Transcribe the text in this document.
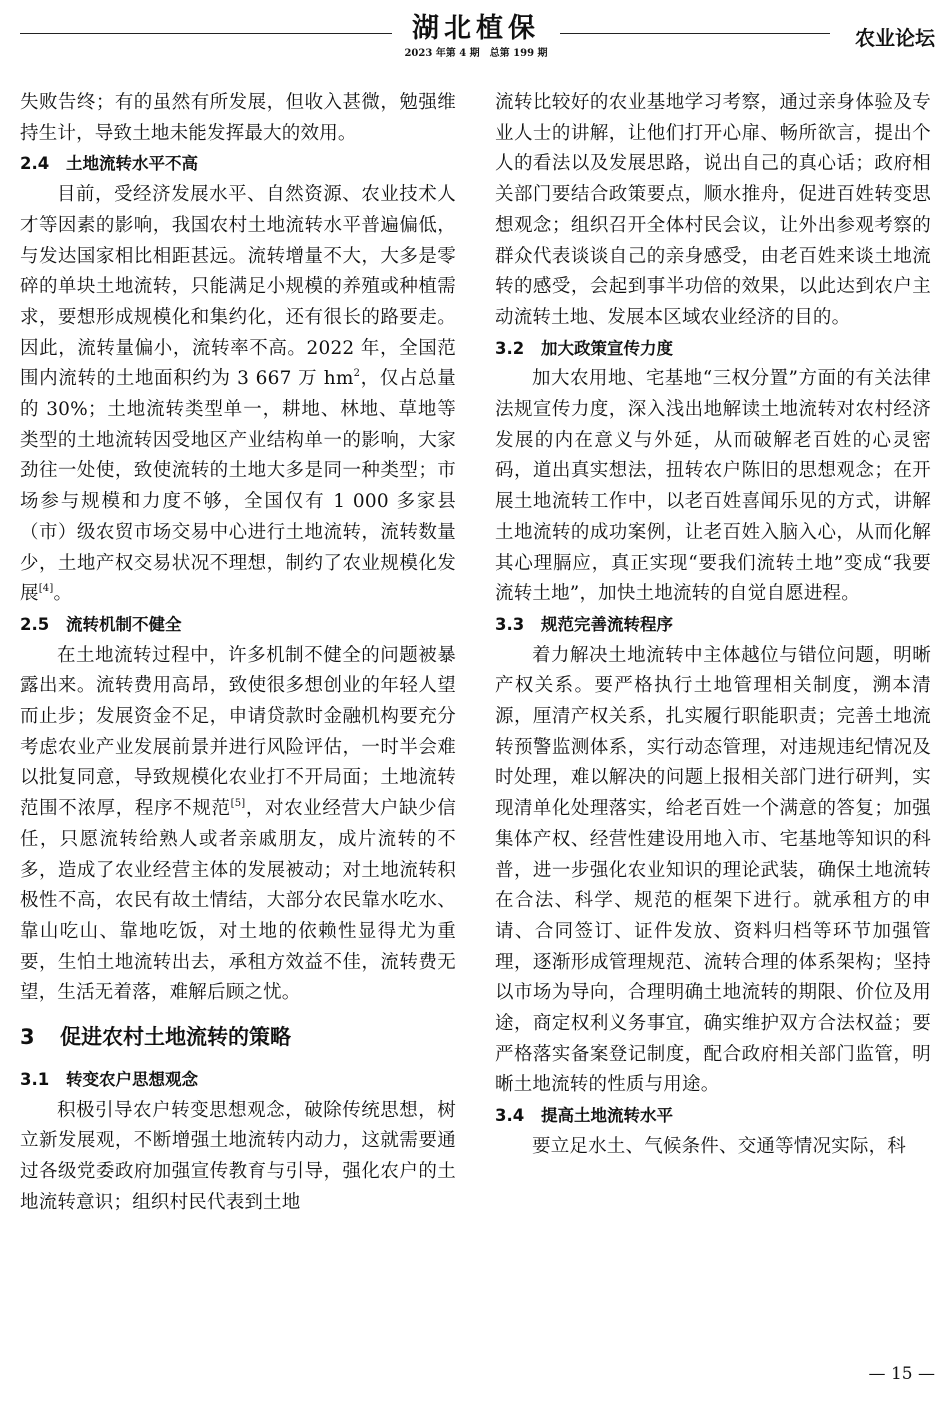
湖北植保
2023 年第 4 期　总第 199 期
农业论坛

失败告终；有的虽然有所发展，但收入甚微，勉强维持生计，导致土地未能发挥最大的效用。

2.4 土地流转水平不高

目前，受经济发展水平、自然资源、农业技术人才等因素的影响，我国农村土地流转水平普遍偏低，与发达国家相比相距甚远。流转增量不大，大多是零碎的单块土地流转，只能满足小规模的养殖或种植需求，要想形成规模化和集约化，还有很长的路要走。因此，流转量偏小，流转率不高。2022 年，全国范围内流转的土地面积约为 3 667 万 $hm^2$，仅占总量的 30%；土地流转类型单一，耕地、林地、草地等类型的土地流转因受地区产业结构单一的影响，大家劲往一处使，致使流转的土地大多是同一种类型；市场参与规模和力度不够，全国仅有 1 000 多家县（市）级农贸市场交易中心进行土地流转，流转数量少，土地产权交易状况不理想，制约了农业规模化发展[4]。

2.5 流转机制不健全

在土地流转过程中，许多机制不健全的问题被暴露出来。流转费用高昂，致使很多想创业的年轻人望而止步；发展资金不足，申请贷款时金融机构要充分考虑农业产业发展前景并进行风险评估，一时半会难以批复同意，导致规模化农业打不开局面；土地流转范围不浓厚，程序不规范[5]，对农业经营大户缺少信任，只愿流转给熟人或者亲戚朋友，成片流转的不多，造成了农业经营主体的发展被动；对土地流转积极性不高，农民有故土情结，大部分农民靠水吃水、靠山吃山、靠地吃饭，对土地的依赖性显得尤为重要，生怕土地流转出去，承租方效益不佳，流转费无望，生活无着落，难解后顾之忧。

3 促进农村土地流转的策略
3.1 转变农户思想观念

积极引导农户转变思想观念，破除传统思想，树立新发展观，不断增强土地流转内动力，这就需要通过各级党委政府加强宣传教育与引导，强化农户的土地流转意识；组织村民代表到土地

流转比较好的农业基地学习考察，通过亲身体验及专业人士的讲解，让他们打开心扉、畅所欲言，提出个人的看法以及发展思路，说出自己的真心话；政府相关部门要结合政策要点，顺水推舟，促进百姓转变思想观念；组织召开全体村民会议，让外出参观考察的群众代表谈谈自己的亲身感受，由老百姓来谈土地流转的感受，会起到事半功倍的效果，以此达到农户主动流转土地、发展本区域农业经济的目的。

3.2 加大政策宣传力度

加大农用地、宅基地“三权分置”方面的有关法律法规宣传力度，深入浅出地解读土地流转对农村经济发展的内在意义与外延，从而破解老百姓的心灵密码，道出真实想法，扭转农户陈旧的思想观念；在开展土地流转工作中，以老百姓喜闻乐见的方式，讲解土地流转的成功案例，让老百姓入脑入心，从而化解其心理膈应，真正实现“要我们流转土地”变成“我要流转土地”，加快土地流转的自觉自愿进程。

3.3 规范完善流转程序

着力解决土地流转中主体越位与错位问题，明晰产权关系。要严格执行土地管理相关制度，溯本清源，厘清产权关系，扎实履行职能职责；完善土地流转预警监测体系，实行动态管理，对违规违纪情况及时处理，难以解决的问题上报相关部门进行研判，实现清单化处理落实，给老百姓一个满意的答复；加强集体产权、经营性建设用地入市、宅基地等知识的科普，进一步强化农业知识的理论武装，确保土地流转在合法、科学、规范的框架下进行。就承租方的申请、合同签订、证件发放、资料归档等环节加强管理，逐渐形成管理规范、流转合理的体系架构；坚持以市场为导向，合理明确土地流转的期限、价位及用途，商定权利义务事宜，确实维护双方合法权益；要严格落实备案登记制度，配合政府相关部门监管，明晰土地流转的性质与用途。

3.4 提高土地流转水平

要立足水土、气候条件、交通等情况实际，科

— 15 —
